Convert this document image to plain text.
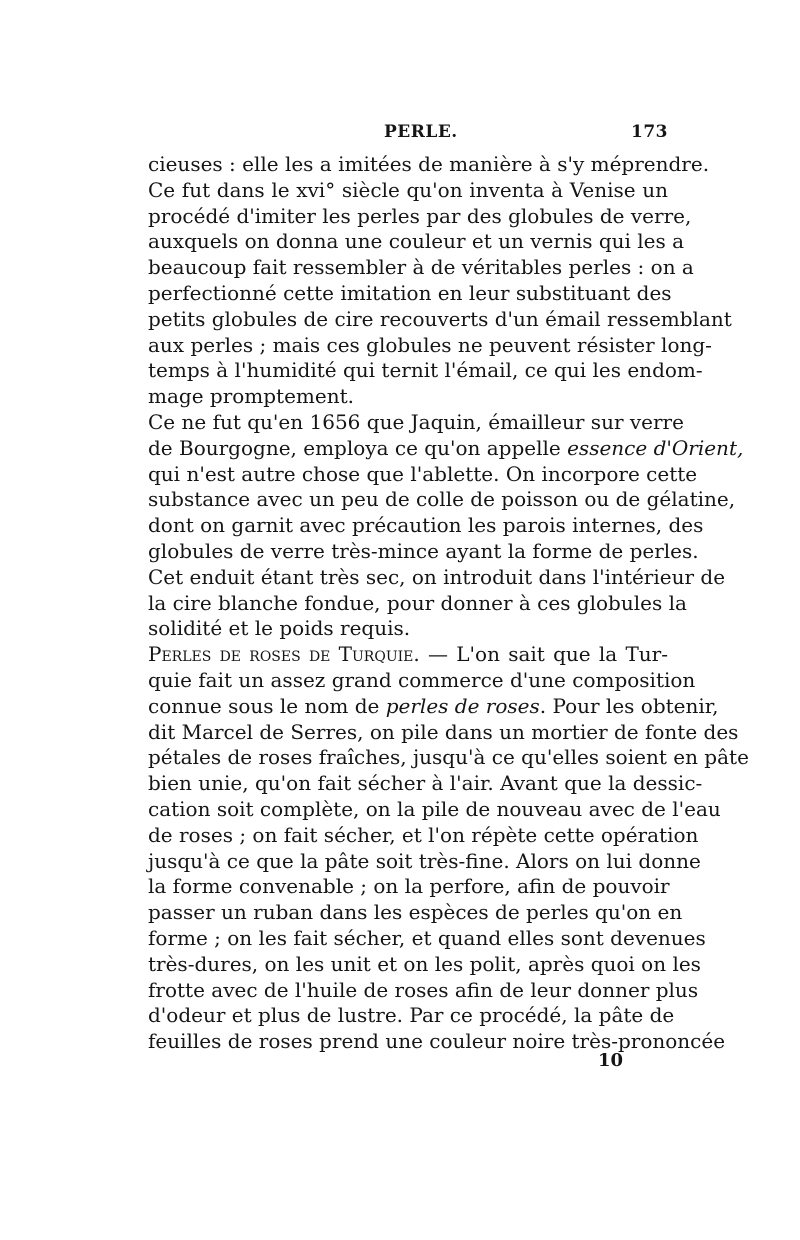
PERLE.	173
cieuses : elle les a imitées de manière à s'y méprendre.
Ce fut dans le xvi° siècle qu'on inventa à Venise un
procédé d'imiter les perles par des globules de verre,
auxquels on donna une couleur et un vernis qui les a
beaucoup fait ressembler à de véritables perles : on a
perfectionné cette imitation en leur substituant des
petits globules de cire recouverts d'un émail ressemblant
aux perles ; mais ces globules ne peuvent résister long-
temps à l'humidité qui ternit l'émail, ce qui les endom-
mage promptement.
Ce ne fut qu'en 1656 que Jaquin, émailleur sur verre
de Bourgogne, employa ce qu'on appelle essence d'Orient,
qui n'est autre chose que l'ablette. On incorpore cette
substance avec un peu de colle de poisson ou de gélatine,
dont on garnit avec précaution les parois internes, des
globules de verre très-mince ayant la forme de perles.
Cet enduit étant très sec, on introduit dans l'intérieur de
la cire blanche fondue, pour donner à ces globules la
solidité et le poids requis.
Perles de roses de Turquie. — L'on sait que la Tur-
quie fait un assez grand commerce d'une composition
connue sous le nom de perles de roses. Pour les obtenir,
dit Marcel de Serres, on pile dans un mortier de fonte des
pétales de roses fraîches, jusqu'à ce qu'elles soient en pâte
bien unie, qu'on fait sécher à l'air. Avant que la dessic-
cation soit complète, on la pile de nouveau avec de l'eau
de roses ; on fait sécher, et l'on répète cette opération
jusqu'à ce que la pâte soit très-fine. Alors on lui donne
la forme convenable ; on la perfore, afin de pouvoir
passer un ruban dans les espèces de perles qu'on en
forme ; on les fait sécher, et quand elles sont devenues
très-dures, on les unit et on les polit, après quoi on les
frotte avec de l'huile de roses afin de leur donner plus
d'odeur et plus de lustre. Par ce procédé, la pâte de
feuilles de roses prend une couleur noire très-prononcée
10
